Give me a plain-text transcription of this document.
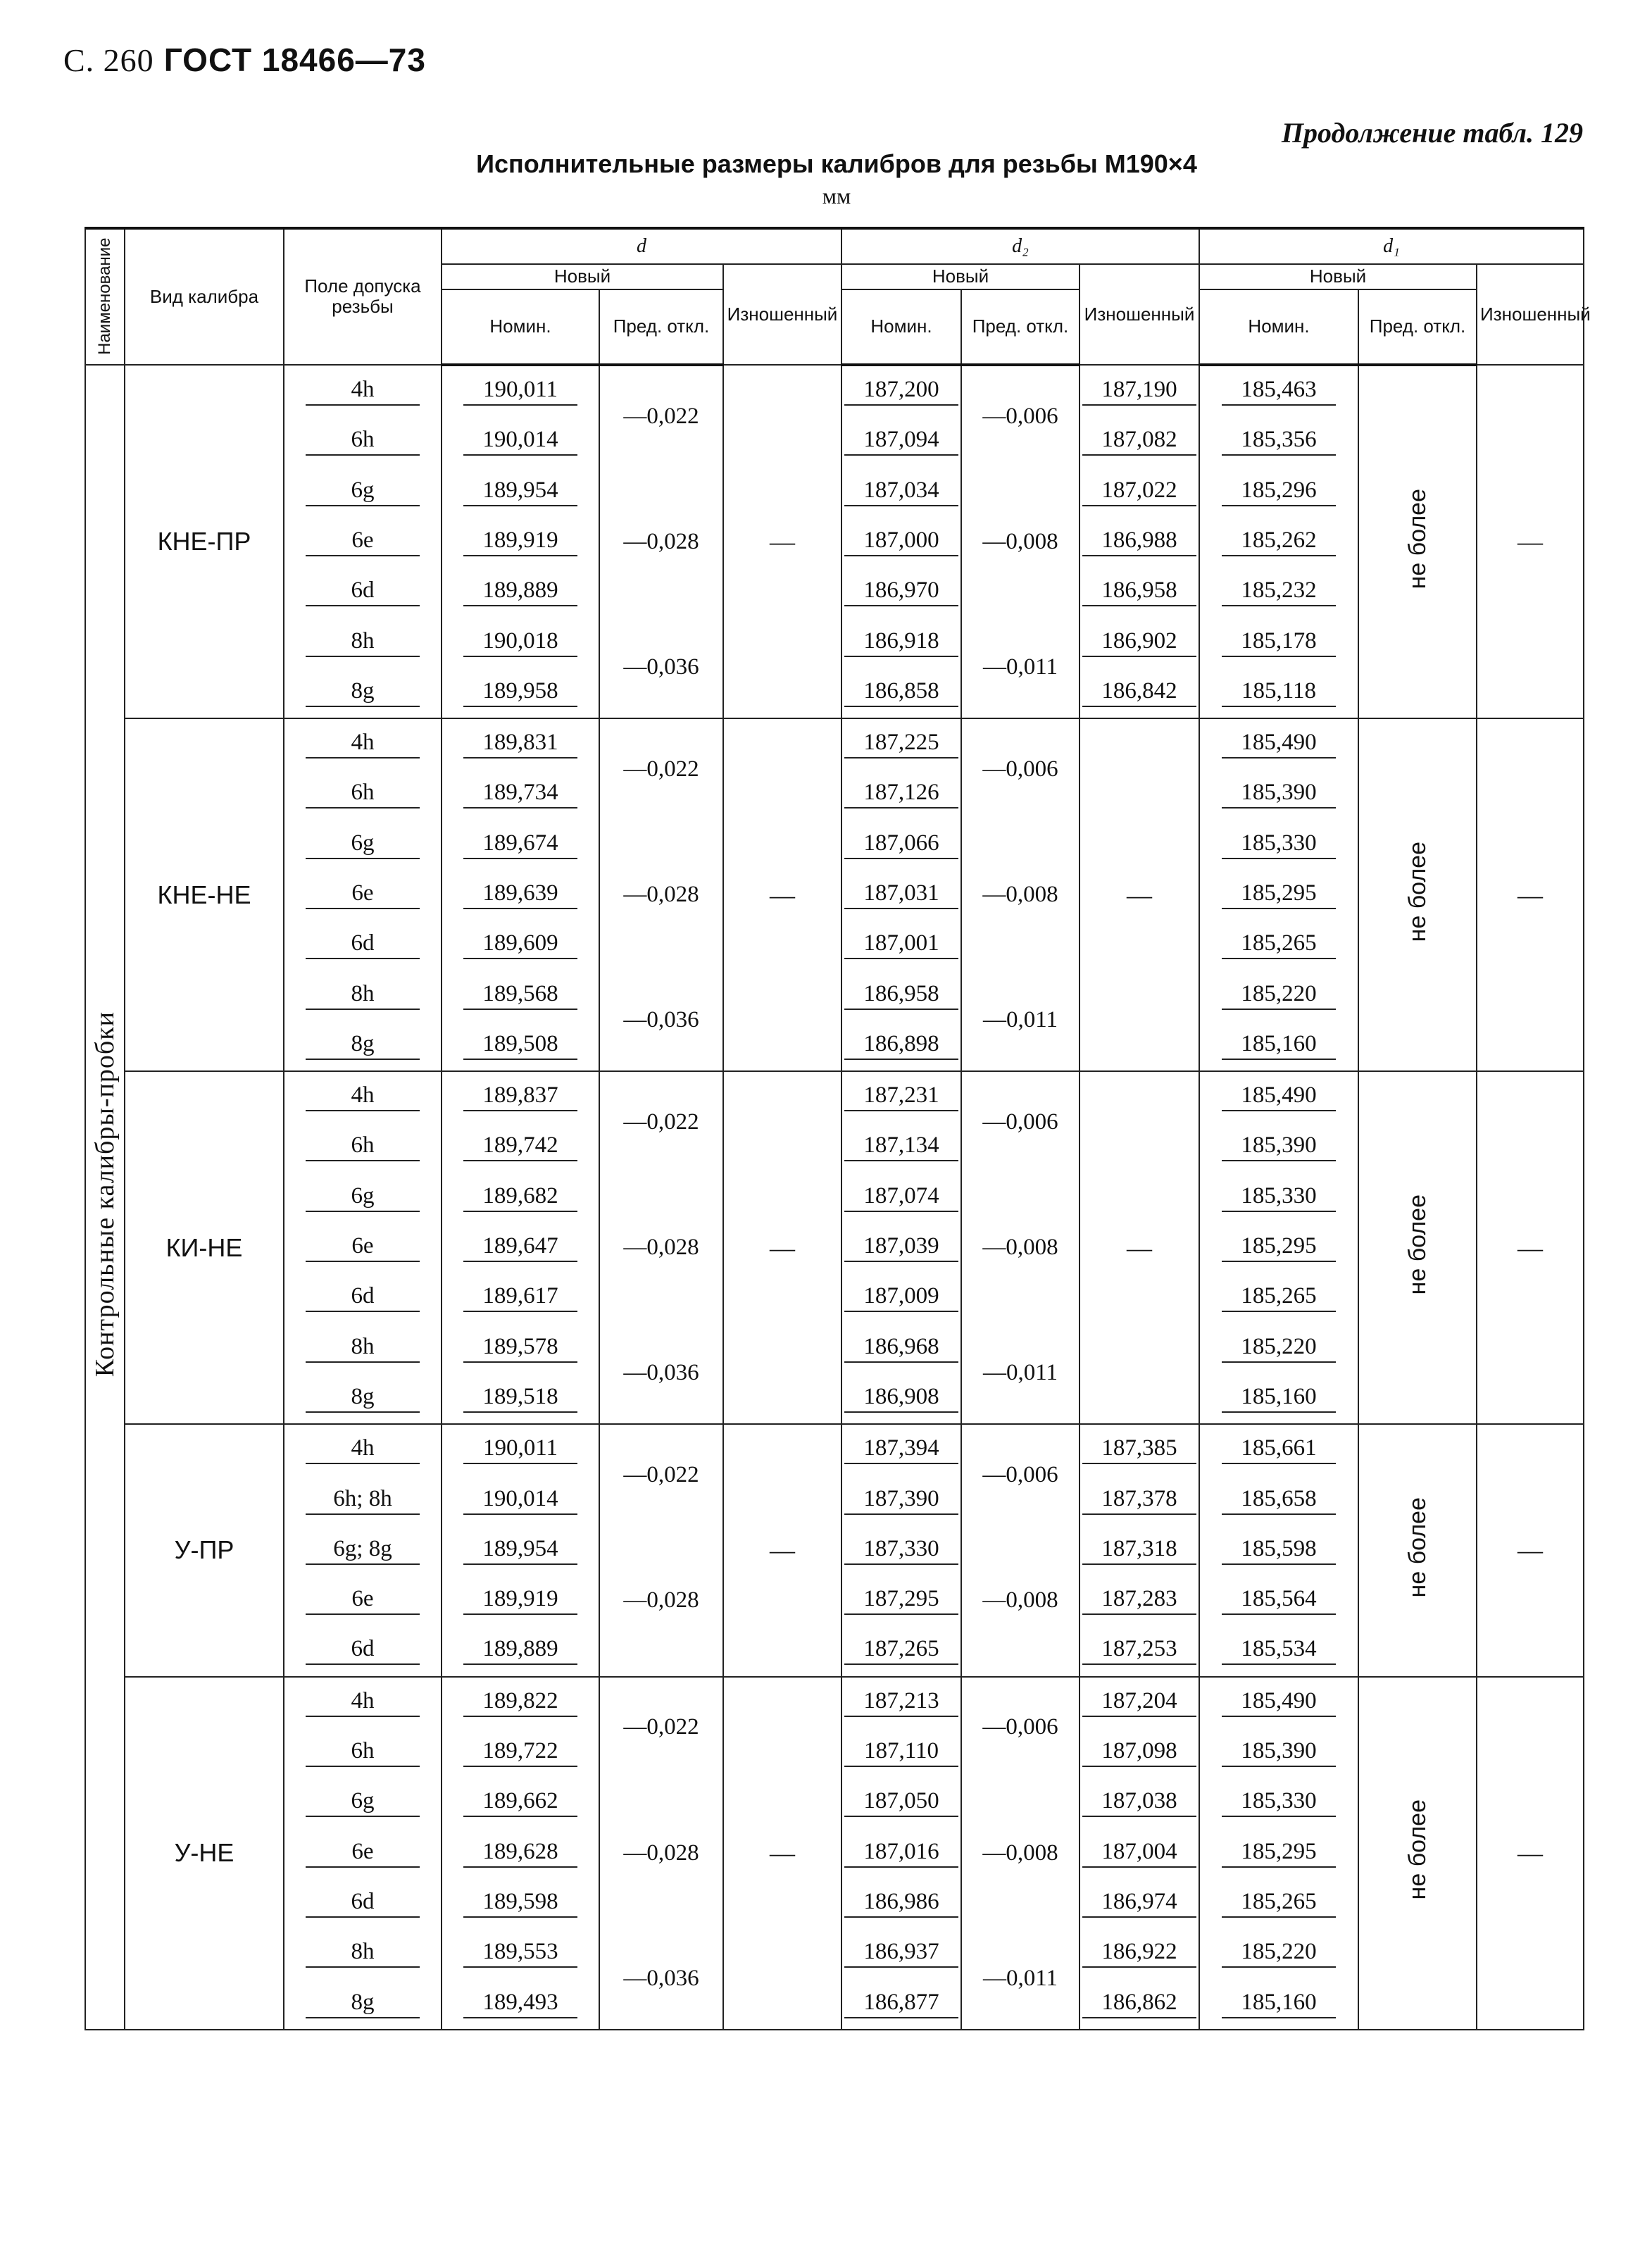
С. 260 ГОСТ 18466—73
Продолжение табл. 129
Исполнительные размеры калибров для резьбы М190×4
мм
Наименование	Вид калибра	Поле допуска резьбы	d			d₂			d₁		
			Новый		Изношенный	Новый		Изношенный	Новый		Изношенный
			Номин.	Пред. откл.		Номин.	Пред. откл.		Номин.	Пред. откл.	
Контрольные калибры-пробки	КНЕ-ПР	4h	190,011	—0,022	—	187,200	—0,006	187,190	185,463	не более	—
		6h	190,014			187,094		187,082	185,356		
		6g	189,954	—0,028		187,034	—0,008	187,022	185,296		
		6e	189,919			187,000		186,988	185,262		
		6d	189,889			186,970		186,958	185,232		
		8h	190,018	—0,036		186,918	—0,011	186,902	185,178		
		8g	189,958			186,858		186,842	185,118		
	КНЕ-НЕ	4h	189,831	—0,022	—	187,225	—0,006	—	185,490	не более	—
		6h	189,734			187,126			185,390		
		6g	189,674	—0,028		187,066	—0,008		185,330		
		6e	189,639			187,031			185,295		
		6d	189,609			187,001			185,265		
		8h	189,568	—0,036		186,958	—0,011		185,220		
		8g	189,508			186,898			185,160		
	КИ-НЕ	4h	189,837	—0,022	—	187,231	—0,006	—	185,490	не более	—
		6h	189,742			187,134			185,390		
		6g	189,682	—0,028		187,074	—0,008		185,330		
		6e	189,647			187,039			185,295		
		6d	189,617			187,009			185,265		
		8h	189,578	—0,036		186,968	—0,011		185,220		
		8g	189,518			186,908			185,160		
	У-ПР	4h	190,011	—0,022	—	187,394	—0,006	187,385	185,661	не более	—
		6h; 8h	190,014			187,390		187,378	185,658		
		6g; 8g	189,954	—0,028		187,330	—0,008	187,318	185,598		
		6e	189,919			187,295		187,283	185,564		
		6d	189,889			187,265		187,253	185,534		
	У-НЕ	4h	189,822	—0,022	—	187,213	—0,006	187,204	185,490	не более	—
		6h	189,722			187,110		187,098	185,390		
		6g	189,662	—0,028		187,050	—0,008	187,038	185,330		
		6e	189,628			187,016		187,004	185,295		
		6d	189,598			186,986		186,974	185,265		
		8h	189,553	—0,036		186,937	—0,011	186,922	185,220		
		8g	189,493			186,877		186,862	185,160		
